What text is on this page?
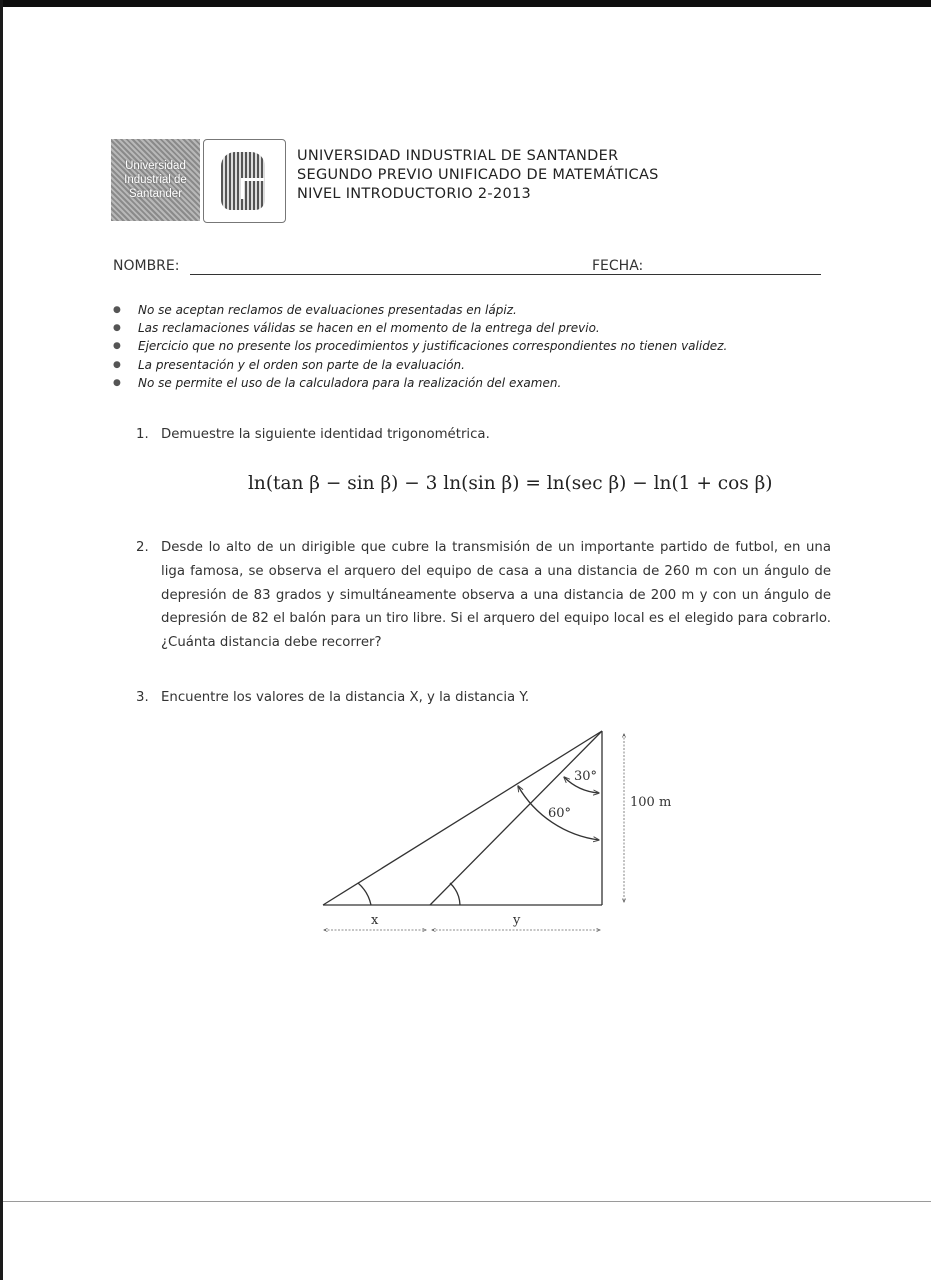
Universidad
Industrial de
Santander
UNIVERSIDAD INDUSTRIAL DE SANTANDER
SEGUNDO PREVIO UNIFICADO DE MATEMÁTICAS
NIVEL INTRODUCTORIO 2-2013
NOMBRE:	FECHA:
● No se aceptan reclamos de evaluaciones presentadas en lápiz.
● Las reclamaciones válidas se hacen en el momento de la entrega del previo.
● Ejercicio que no presente los procedimientos y justificaciones correspondientes no tienen validez.
● La presentación y el orden son parte de la evaluación.
● No se permite el uso de la calculadora para la realización del examen.
1. Demuestre la siguiente identidad trigonométrica.
ln(tan β − sin β) − 3 ln(sin β) = ln(sec β) − ln(1 + cos β)
2. Desde lo alto de un dirigible que cubre la transmisión de un importante partido de futbol, en una liga famosa, se observa el arquero del equipo de casa a una distancia de 260 m con un ángulo de depresión de 83 grados y simultáneamente observa a una distancia de 200 m y con un ángulo de depresión de 82 el balón para un tiro libre. Si el arquero del equipo local es el elegido para cobrarlo. ¿Cuánta distancia debe recorrer?
3. Encuentre los valores de la distancia X, y la distancia Y.
30°
60°
100 m
x	y
